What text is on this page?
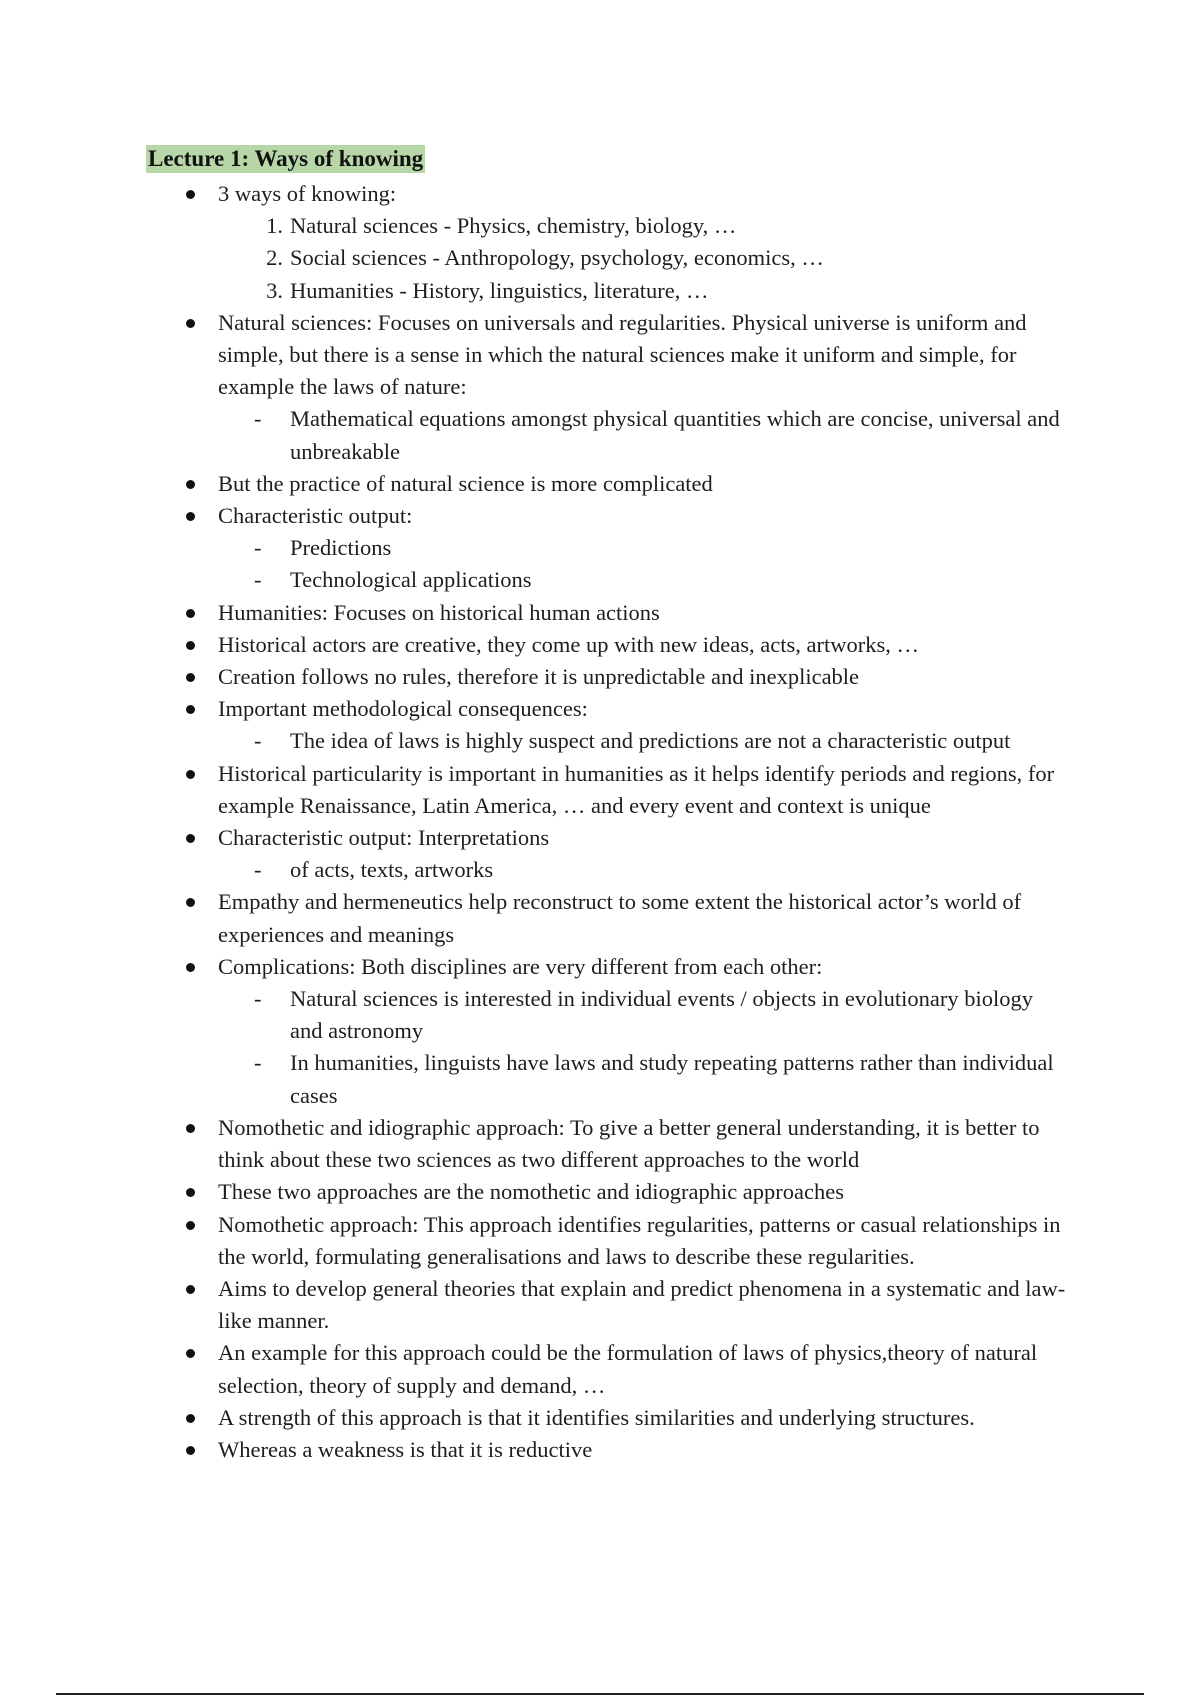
Lecture 1: Ways of knowing
3 ways of knowing:
1. Natural sciences - Physics, chemistry, biology, …
2. Social sciences - Anthropology, psychology, economics, …
3. Humanities - History, linguistics, literature, …
Natural sciences: Focuses on universals and regularities. Physical universe is uniform and simple, but there is a sense in which the natural sciences make it uniform and simple, for example the laws of nature:
- Mathematical equations amongst physical quantities which are concise, universal and unbreakable
But the practice of natural science is more complicated
Characteristic output:
- Predictions
- Technological applications
Humanities: Focuses on historical human actions
Historical actors are creative, they come up with new ideas, acts, artworks, …
Creation follows no rules, therefore it is unpredictable and inexplicable
Important methodological consequences:
- The idea of laws is highly suspect and predictions are not a characteristic output
Historical particularity is important in humanities as it helps identify periods and regions, for example Renaissance, Latin America, … and every event and context is unique
Characteristic output: Interpretations
- of acts, texts, artworks
Empathy and hermeneutics help reconstruct to some extent the historical actor’s world of experiences and meanings
Complications: Both disciplines are very different from each other:
- Natural sciences is interested in individual events / objects in evolutionary biology and astronomy
- In humanities, linguists have laws and study repeating patterns rather than individual cases
Nomothetic and idiographic approach: To give a better general understanding, it is better to think about these two sciences as two different approaches to the world
These two approaches are the nomothetic and idiographic approaches
Nomothetic approach: This approach identifies regularities, patterns or casual relationships in the world, formulating generalisations and laws to describe these regularities.
Aims to develop general theories that explain and predict phenomena in a systematic and law-like manner.
An example for this approach could be the formulation of laws of physics,theory of natural selection, theory of supply and demand, …
A strength of this approach is that it identifies similarities and underlying structures.
Whereas a weakness is that it is reductive
